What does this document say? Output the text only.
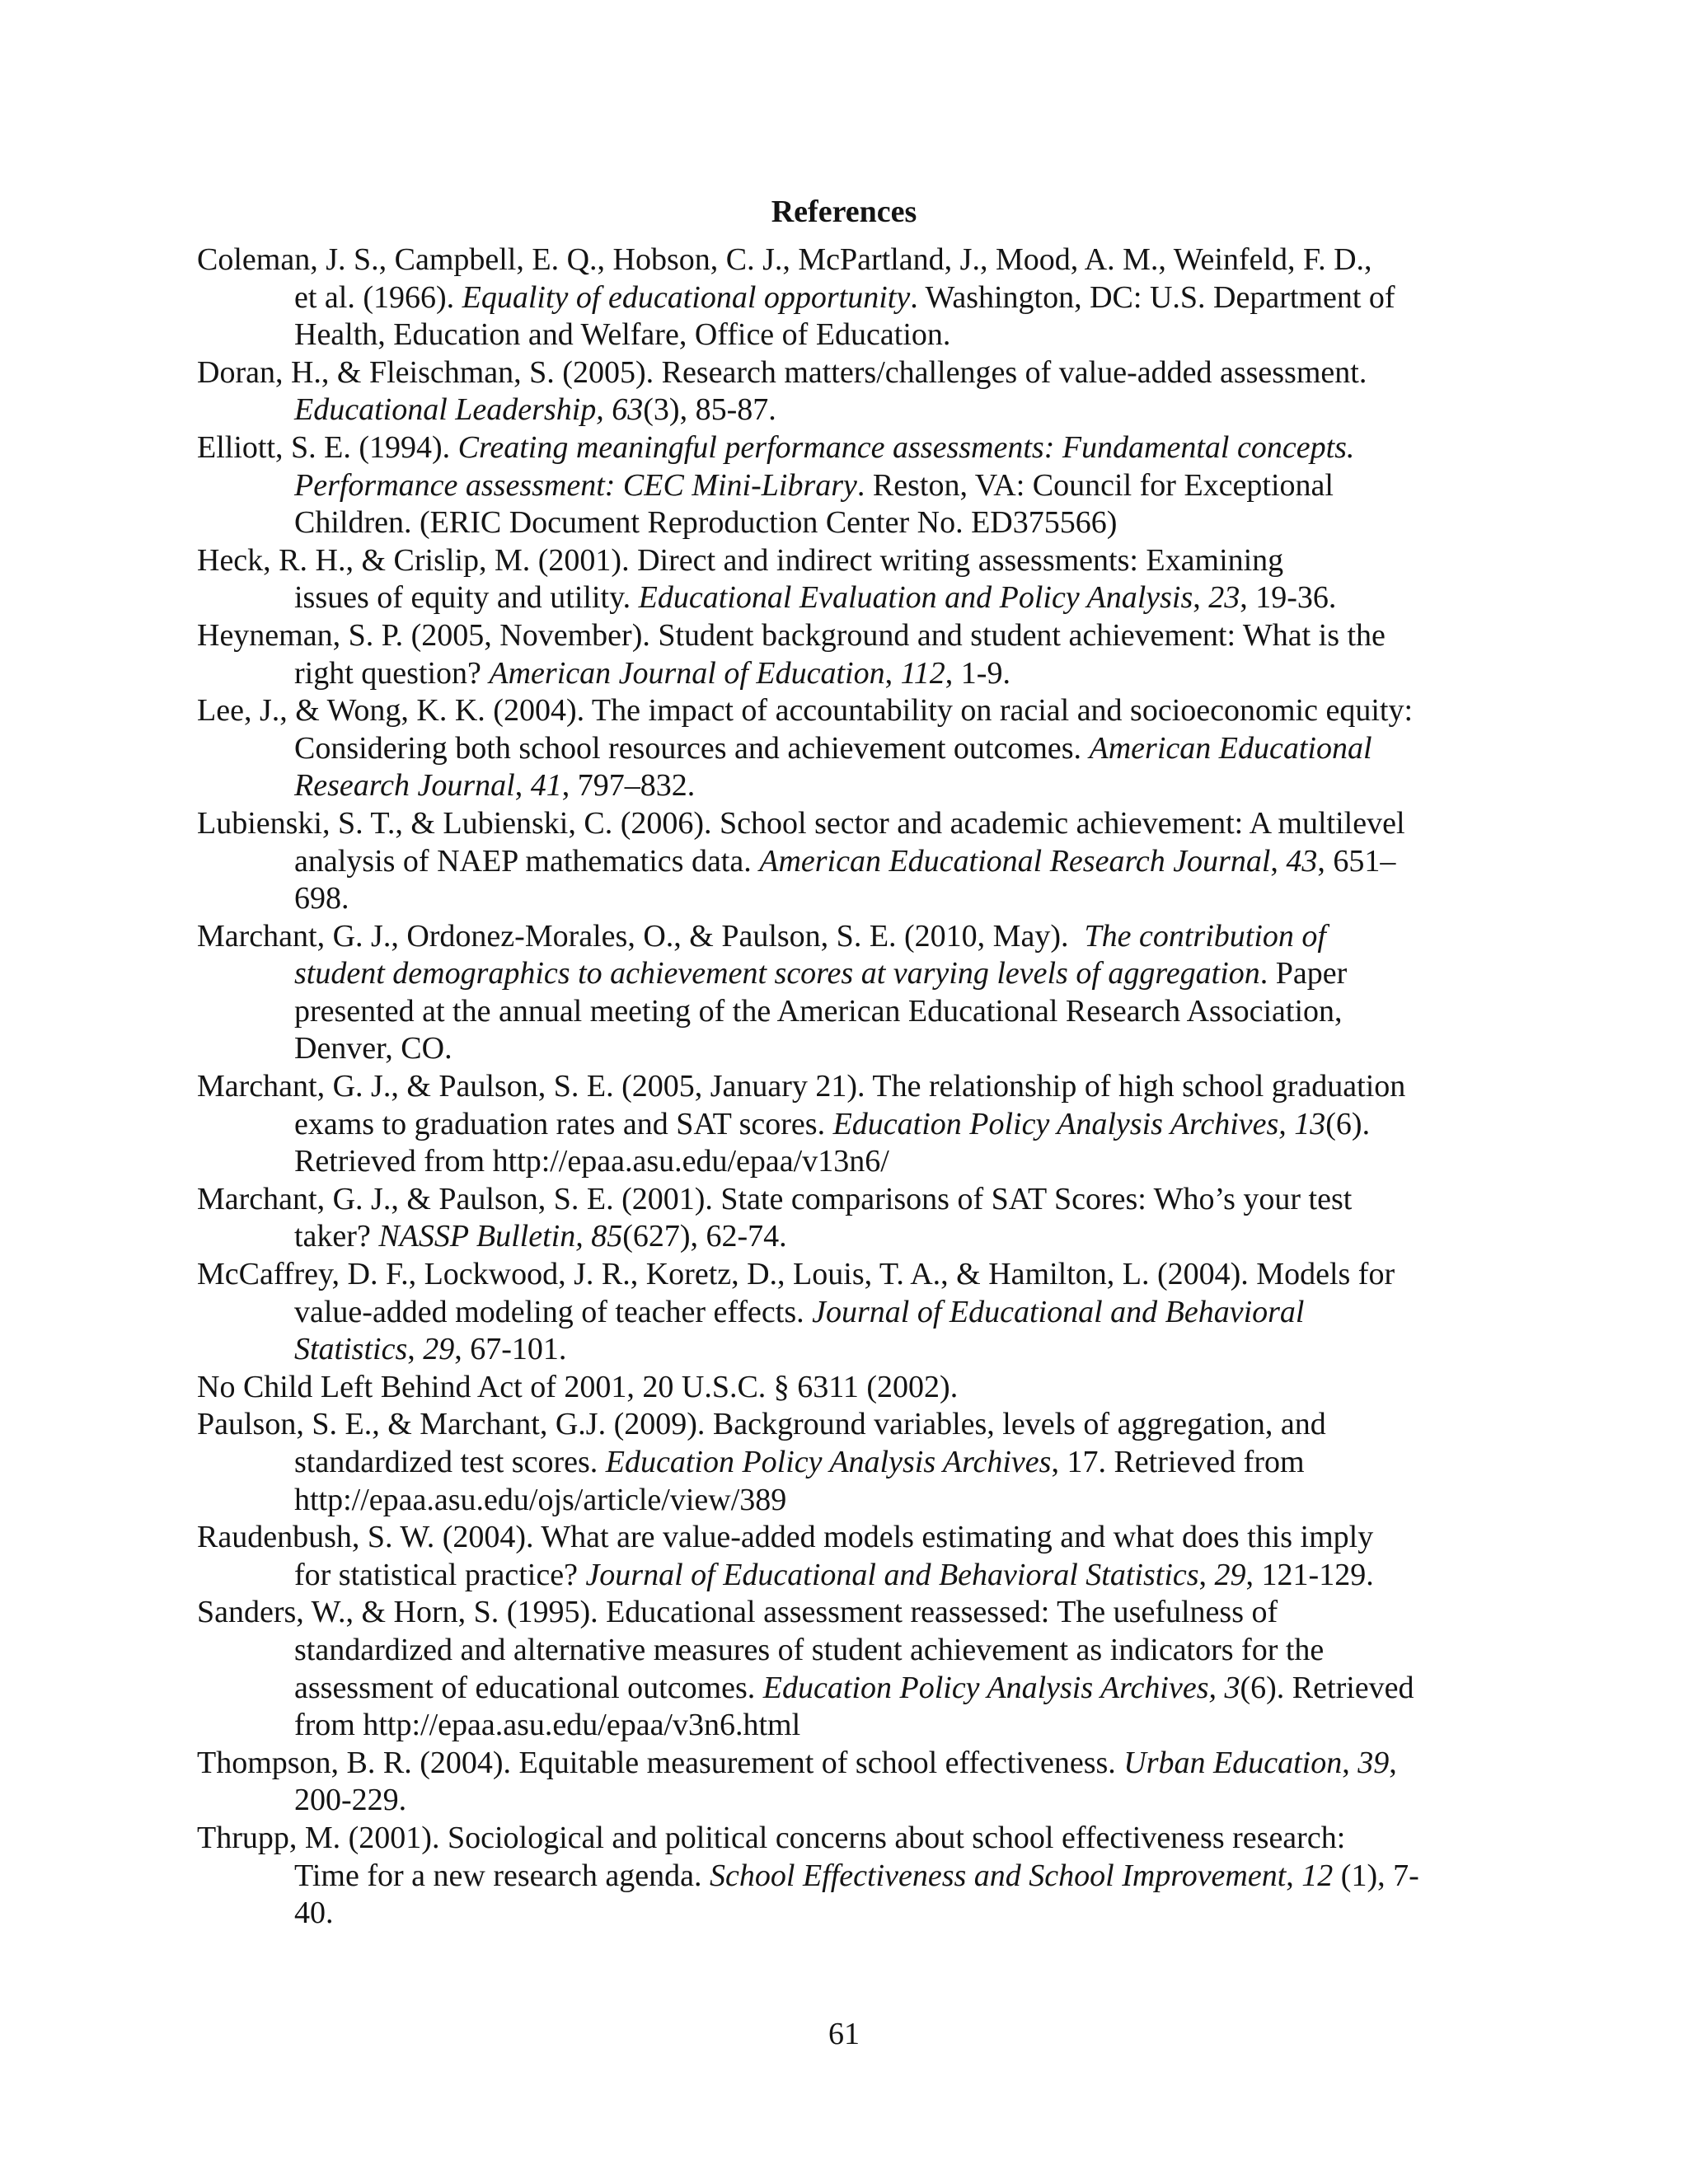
References

Coleman, J. S., Campbell, E. Q., Hobson, C. J., McPartland, J., Mood, A. M., Weinfeld, F. D.,
et al. (1966). Equality of educational opportunity. Washington, DC: U.S. Department of
Health, Education and Welfare, Office of Education.

Doran, H., & Fleischman, S. (2005). Research matters/challenges of value-added assessment.
Educational Leadership, 63(3), 85-87.

Elliott, S. E. (1994). Creating meaningful performance assessments: Fundamental concepts.
Performance assessment: CEC Mini-Library. Reston, VA: Council for Exceptional
Children. (ERIC Document Reproduction Center No. ED375566)

Heck, R. H., & Crislip, M. (2001). Direct and indirect writing assessments: Examining
issues of equity and utility. Educational Evaluation and Policy Analysis, 23, 19-36.

Heyneman, S. P. (2005, November). Student background and student achievement: What is the
right question? American Journal of Education, 112, 1-9.

Lee, J., & Wong, K. K. (2004). The impact of accountability on racial and socioeconomic equity:
Considering both school resources and achievement outcomes. American Educational
Research Journal, 41, 797–832.

Lubienski, S. T., & Lubienski, C. (2006). School sector and academic achievement: A multilevel
analysis of NAEP mathematics data. American Educational Research Journal, 43, 651–
698.

Marchant, G. J., Ordonez-Morales, O., & Paulson, S. E. (2010, May).  The contribution of
student demographics to achievement scores at varying levels of aggregation. Paper
presented at the annual meeting of the American Educational Research Association,
Denver, CO.

Marchant, G. J., & Paulson, S. E. (2005, January 21). The relationship of high school graduation
exams to graduation rates and SAT scores. Education Policy Analysis Archives, 13(6).
Retrieved from http://epaa.asu.edu/epaa/v13n6/

Marchant, G. J., & Paulson, S. E. (2001). State comparisons of SAT Scores: Who’s your test
taker? NASSP Bulletin, 85(627), 62-74.

McCaffrey, D. F., Lockwood, J. R., Koretz, D., Louis, T. A., & Hamilton, L. (2004). Models for
value-added modeling of teacher effects. Journal of Educational and Behavioral
Statistics, 29, 67-101.

No Child Left Behind Act of 2001, 20 U.S.C. § 6311 (2002).

Paulson, S. E., & Marchant, G.J. (2009). Background variables, levels of aggregation, and
standardized test scores. Education Policy Analysis Archives, 17. Retrieved from
http://epaa.asu.edu/ojs/article/view/389

Raudenbush, S. W. (2004). What are value-added models estimating and what does this imply
for statistical practice? Journal of Educational and Behavioral Statistics, 29, 121-129.

Sanders, W., & Horn, S. (1995). Educational assessment reassessed: The usefulness of
standardized and alternative measures of student achievement as indicators for the
assessment of educational outcomes. Education Policy Analysis Archives, 3(6). Retrieved
from http://epaa.asu.edu/epaa/v3n6.html

Thompson, B. R. (2004). Equitable measurement of school effectiveness. Urban Education, 39,
200-229.

Thrupp, M. (2001). Sociological and political concerns about school effectiveness research:
Time for a new research agenda. School Effectiveness and School Improvement, 12 (1), 7-
40.

61
